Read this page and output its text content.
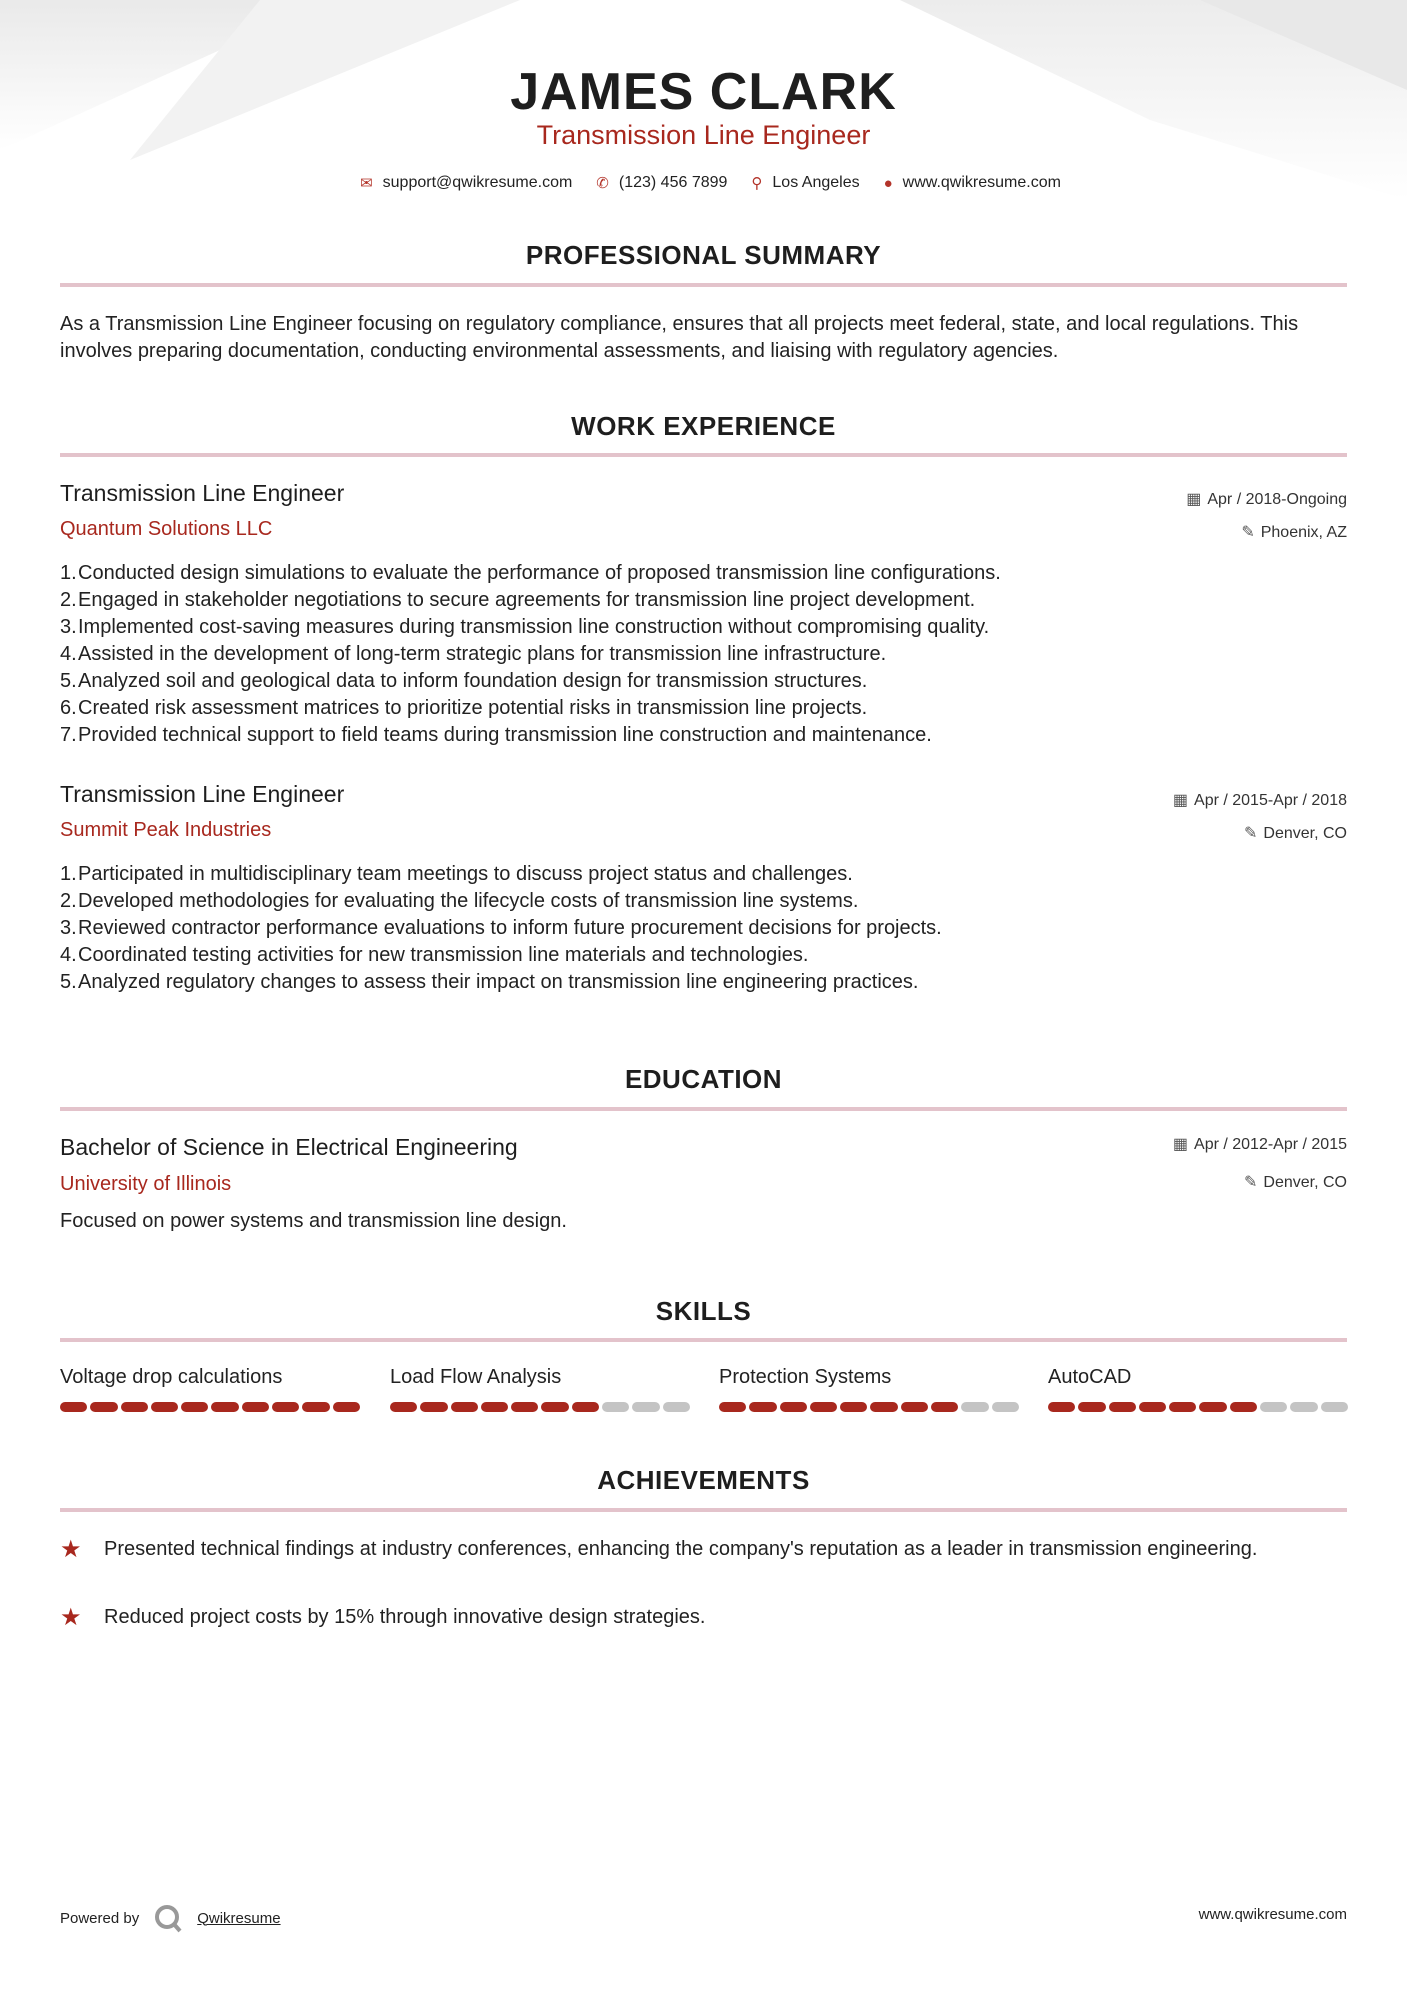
JAMES CLARK
Transmission Line Engineer
✉ support@qwikresume.com ✆ (123) 456 7899 ⚲ Los Angeles ● www.qwikresume.com
PROFESSIONAL SUMMARY
As a Transmission Line Engineer focusing on regulatory compliance, ensures that all projects meet federal, state, and local regulations. This involves preparing documentation, conducting environmental assessments, and liaising with regulatory agencies.
WORK EXPERIENCE
Transmission Line Engineer
Quantum Solutions LLC
▦ Apr / 2018-Ongoing
✎ Phoenix, AZ
1.Conducted design simulations to evaluate the performance of proposed transmission line configurations.
2.Engaged in stakeholder negotiations to secure agreements for transmission line project development.
3.Implemented cost-saving measures during transmission line construction without compromising quality.
4.Assisted in the development of long-term strategic plans for transmission line infrastructure.
5.Analyzed soil and geological data to inform foundation design for transmission structures.
6.Created risk assessment matrices to prioritize potential risks in transmission line projects.
7.Provided technical support to field teams during transmission line construction and maintenance.
Transmission Line Engineer
Summit Peak Industries
▦ Apr / 2015-Apr / 2018
✎ Denver, CO
1.Participated in multidisciplinary team meetings to discuss project status and challenges.
2.Developed methodologies for evaluating the lifecycle costs of transmission line systems.
3.Reviewed contractor performance evaluations to inform future procurement decisions for projects.
4.Coordinated testing activities for new transmission line materials and technologies.
5.Analyzed regulatory changes to assess their impact on transmission line engineering practices.
EDUCATION
Bachelor of Science in Electrical Engineering
University of Illinois
▦ Apr / 2012-Apr / 2015
✎ Denver, CO
Focused on power systems and transmission line design.
SKILLS
Voltage drop calculations	Load Flow Analysis	Protection Systems	AutoCAD
ACHIEVEMENTS
★	Presented technical findings at industry conferences, enhancing the company's reputation as a leader in transmission engineering.
★	Reduced project costs by 15% through innovative design strategies.
Powered by	Qwikresume	www.qwikresume.com
